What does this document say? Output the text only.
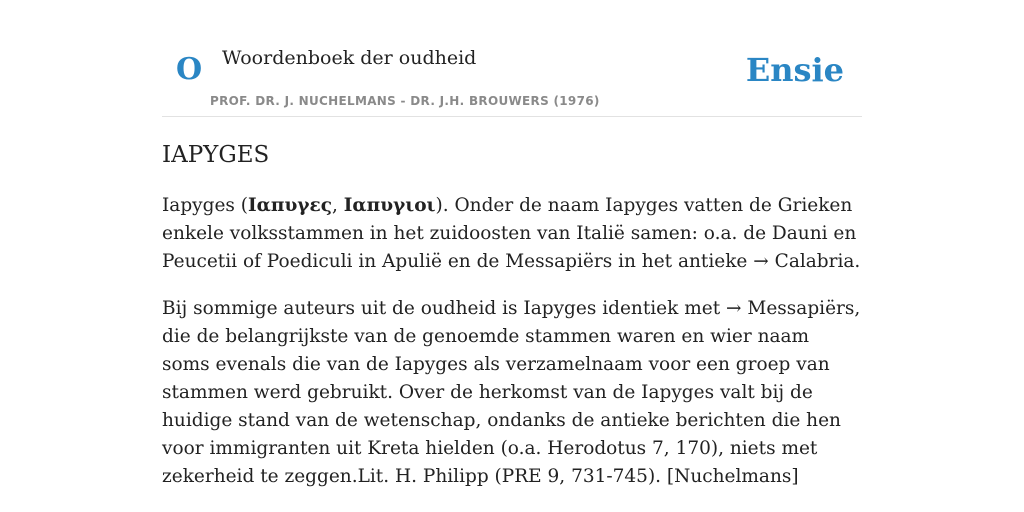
O Woordenboek der oudheid
PROF. DR. J. NUCHELMANS - DR. J.H. BROUWERS (1976)
Ensie
IAPYGES
Iapyges (Ιαπυγες, Ιαπυγιοι). Onder de naam Iapyges vatten de Grieken enkele volksstammen in het zuidoosten van Italië samen: o.a. de Dauni en Peucetii of Poediculi in Apulië en de Messapiërs in het antieke → Calabria.
Bij sommige auteurs uit de oudheid is Iapyges identiek met → Messapiërs, die de belangrijkste van de genoemde stammen waren en wier naam soms evenals die van de Iapyges als verzamelnaam voor een groep van stammen werd gebruikt. Over de herkomst van de Iapyges valt bij de huidige stand van de wetenschap, ondanks de antieke berichten die hen voor immigranten uit Kreta hielden (o.a. Herodotus 7, 170), niets met zekerheid te zeggen.Lit. H. Philipp (PRE 9, 731-745). [Nuchelmans]
